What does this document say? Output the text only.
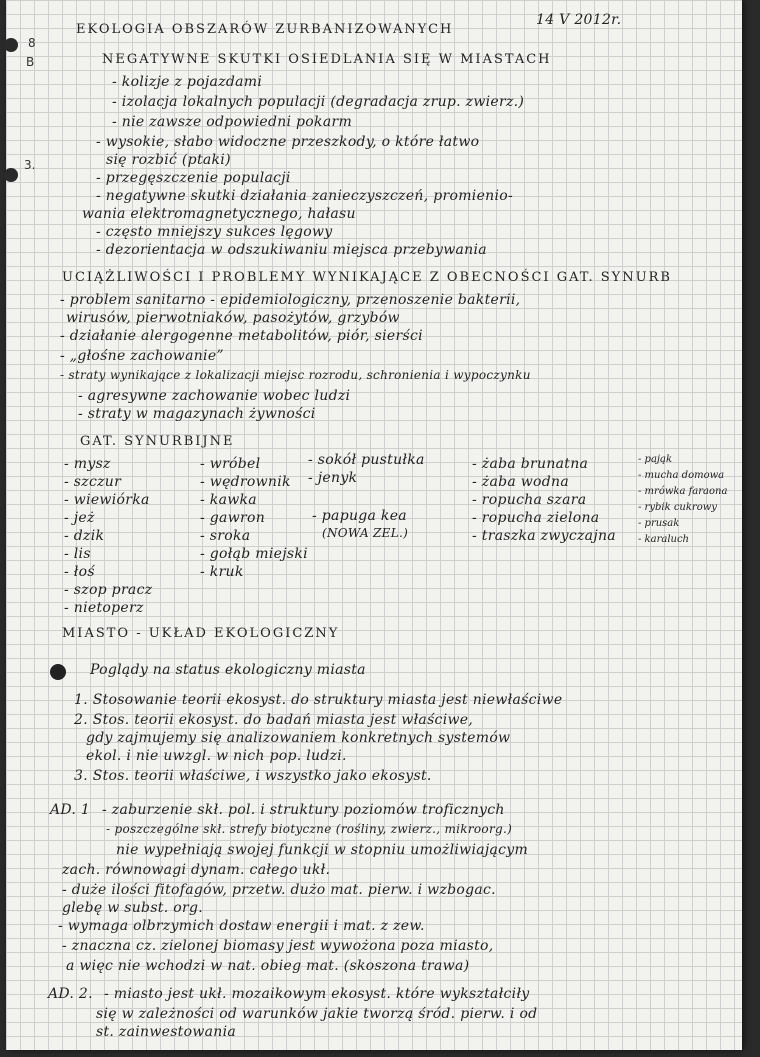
8
B
3.
EKOLOGIA OBSZARÓW ZURBANIZOWANYCH
14 V 2012r.
NEGATYWNE SKUTKI OSIEDLANIA SIĘ W MIASTACH
- kolizje z pojazdami
- izolacja lokalnych populacji (degradacja zrup. zwierz.)
- nie zawsze odpowiedni pokarm
- wysokie, słabo widoczne przeszkody, o które łatwo
się rozbić (ptaki)
- przegęszczenie populacji
- negatywne skutki działania zanieczyszczeń, promienio-
wania elektromagnetycznego, hałasu
- często mniejszy sukces lęgowy
- dezorientacja w odszukiwaniu miejsca przebywania
UCIĄŻLIWOŚCI I PROBLEMY WYNIKAJĄCE Z OBECNOŚCI GAT. SYNURB
- problem sanitarno - epidemiologiczny, przenoszenie bakterii,
wirusów, pierwotniaków, pasożytów, grzybów
- działanie alergogenne metabolitów, piór, sierści
- „głośne zachowanie”
- straty wynikające z lokalizacji miejsc rozrodu, schronienia i wypoczynku
- agresywne zachowanie wobec ludzi
- straty w magazynach żywności
GAT. SYNURBIJNE
- mysz
- szczur
- wiewiórka
- jeż
- dzik
- lis
- łoś
- szop pracz
- nietoperz
- wróbel
- wędrownik
- kawka
- gawron
- sroka
- gołąb miejski
- kruk
- sokół pustułka
- jenyk
- papuga kea
(NOWA ZEL.)
- żaba brunatna
- żaba wodna
- ropucha szara
- ropucha zielona
- traszka zwyczajna
- pająk
- mucha domowa
- mrówka faraona
- rybik cukrowy
- prusak
- karaluch
MIASTO - UKŁAD EKOLOGICZNY
Poglądy na status ekologiczny miasta
1. Stosowanie teorii ekosyst. do struktury miasta jest niewłaściwe
2. Stos. teorii ekosyst. do badań miasta jest właściwe,
gdy zajmujemy się analizowaniem konkretnych systemów
ekol. i nie uwzgl. w nich pop. ludzi.
3. Stos. teorii właściwe, i wszystko jako ekosyst.
AD. 1 - zaburzenie skł. pol. i struktury poziomów troficznych
- poszczególne skł. strefy biotyczne (rośliny, zwierz., mikroorg.)
nie wypełniają swojej funkcji w stopniu umożliwiającym
zach. równowagi dynam. całego ukł.
- duże ilości fitofagów, przetw. dużo mat. pierw. i wzbogac.
glebę w subst. org.
- wymaga olbrzymich dostaw energii i mat. z zew.
- znaczna cz. zielonej biomasy jest wywożona poza miasto,
a więc nie wchodzi w nat. obieg mat. (skoszona trawa)
AD. 2. - miasto jest ukł. mozaikowym ekosyst. które wykształciły
się w zależności od warunków jakie tworzą śród. pierw. i od
st. zainwestowania
